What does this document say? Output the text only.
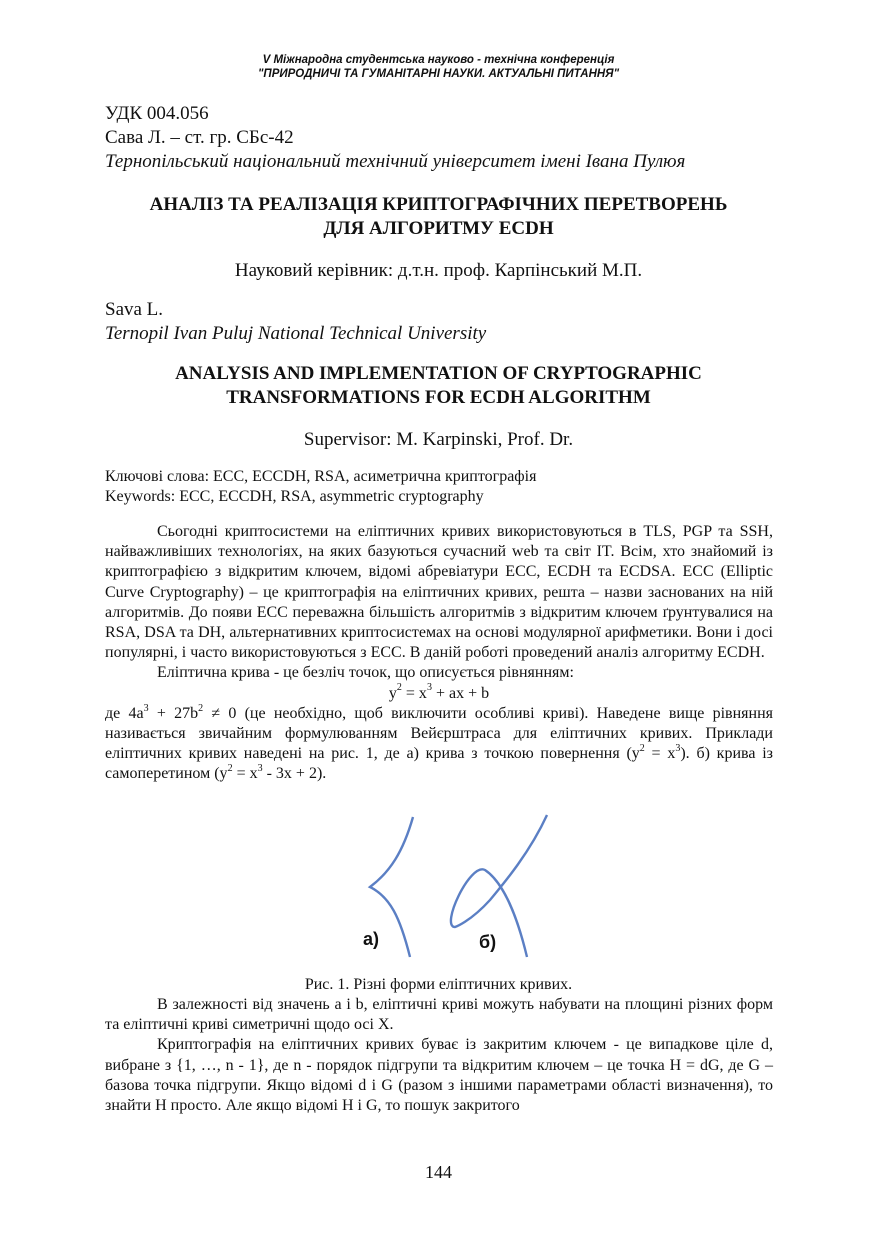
V Міжнародна студентська науково - технічна конференція
"ПРИРОДНИЧІ ТА ГУМАНІТАРНІ НАУКИ. АКТУАЛЬНІ ПИТАННЯ"
УДК 004.056
Сава Л. – ст. гр. СБс-42
Тернопільський національний технічний університет імені Івана Пулюя
АНАЛІЗ ТА РЕАЛІЗАЦІЯ КРИПТОГРАФІЧНИХ ПЕРЕТВОРЕНЬ
ДЛЯ АЛГОРИТМУ ECDH
Науковий керівник: д.т.н. проф. Карпінський М.П.
Sava L.
Ternopil Ivan Puluj National Technical University
ANALYSIS AND IMPLEMENTATION OF CRYPTOGRAPHIC
TRANSFORMATIONS FOR ECDH ALGORITHM
Supervisor: M. Karpinski, Prof. Dr.
Ключові слова: ECC, ECCDH, RSA, асиметрична криптографія
Keywords: ECC, ECCDH, RSA, asymmetric cryptography

Сьогодні криптосистеми на еліптичних кривих використовуються в TLS, PGP та SSH, найважливіших технологіях, на яких базуються сучасний web та світ IT. Всім, хто знайомий із криптографією з відкритим ключем, відомі абревіатури ECC, ECDH та ECDSA. ECC (Elliptic Curve Cryptography) – це криптографія на еліптичних кривих, решта – назви заснованих на ній алгоритмів. До появи ECC переважна більшість алгоритмів з відкритим ключем ґрунтувалися на RSA, DSA та DH, альтернативних криптосистемах на основі модулярної арифметики. Вони і досі популярні, і часто використовуються з ECC. В даній роботі проведений аналіз алгоритму ECDH.

Еліптична крива - це безліч точок, що описується рівнянням:

$y^2 = x^3$ + ax + b

де $4a^3 + 27b^2 \ne 0$ (це необхідно, щоб виключити особливі криві). Наведене вище рівняння називається звичайним формулюванням Вейєрштраса для еліптичних кривих. Приклади еліптичних кривих наведені на рис. 1, де а) крива з точкою повернення $(y^2 = x^3)$. б) крива із самоперетином $(y^2 = x^3 - 3x + 2)$.

а)	б)
Рис. 1. Різні форми еліптичних кривих.

В залежності від значень a і b, еліптичні криві можуть набувати на площині різних форм та еліптичні криві симетричні щодо осі X.

Криптографія на еліптичних кривих буває із закритим ключем - це випадкове ціле d, вибране з {1, …, n - 1}, де n - порядок підгрупи та відкритим ключем – це точка H = dG, де G – базова точка підгрупи. Якщо відомі d і G (разом з іншими параметрами області визначення), то знайти H просто. Але якщо відомі H і G, то пошук закритого

144
